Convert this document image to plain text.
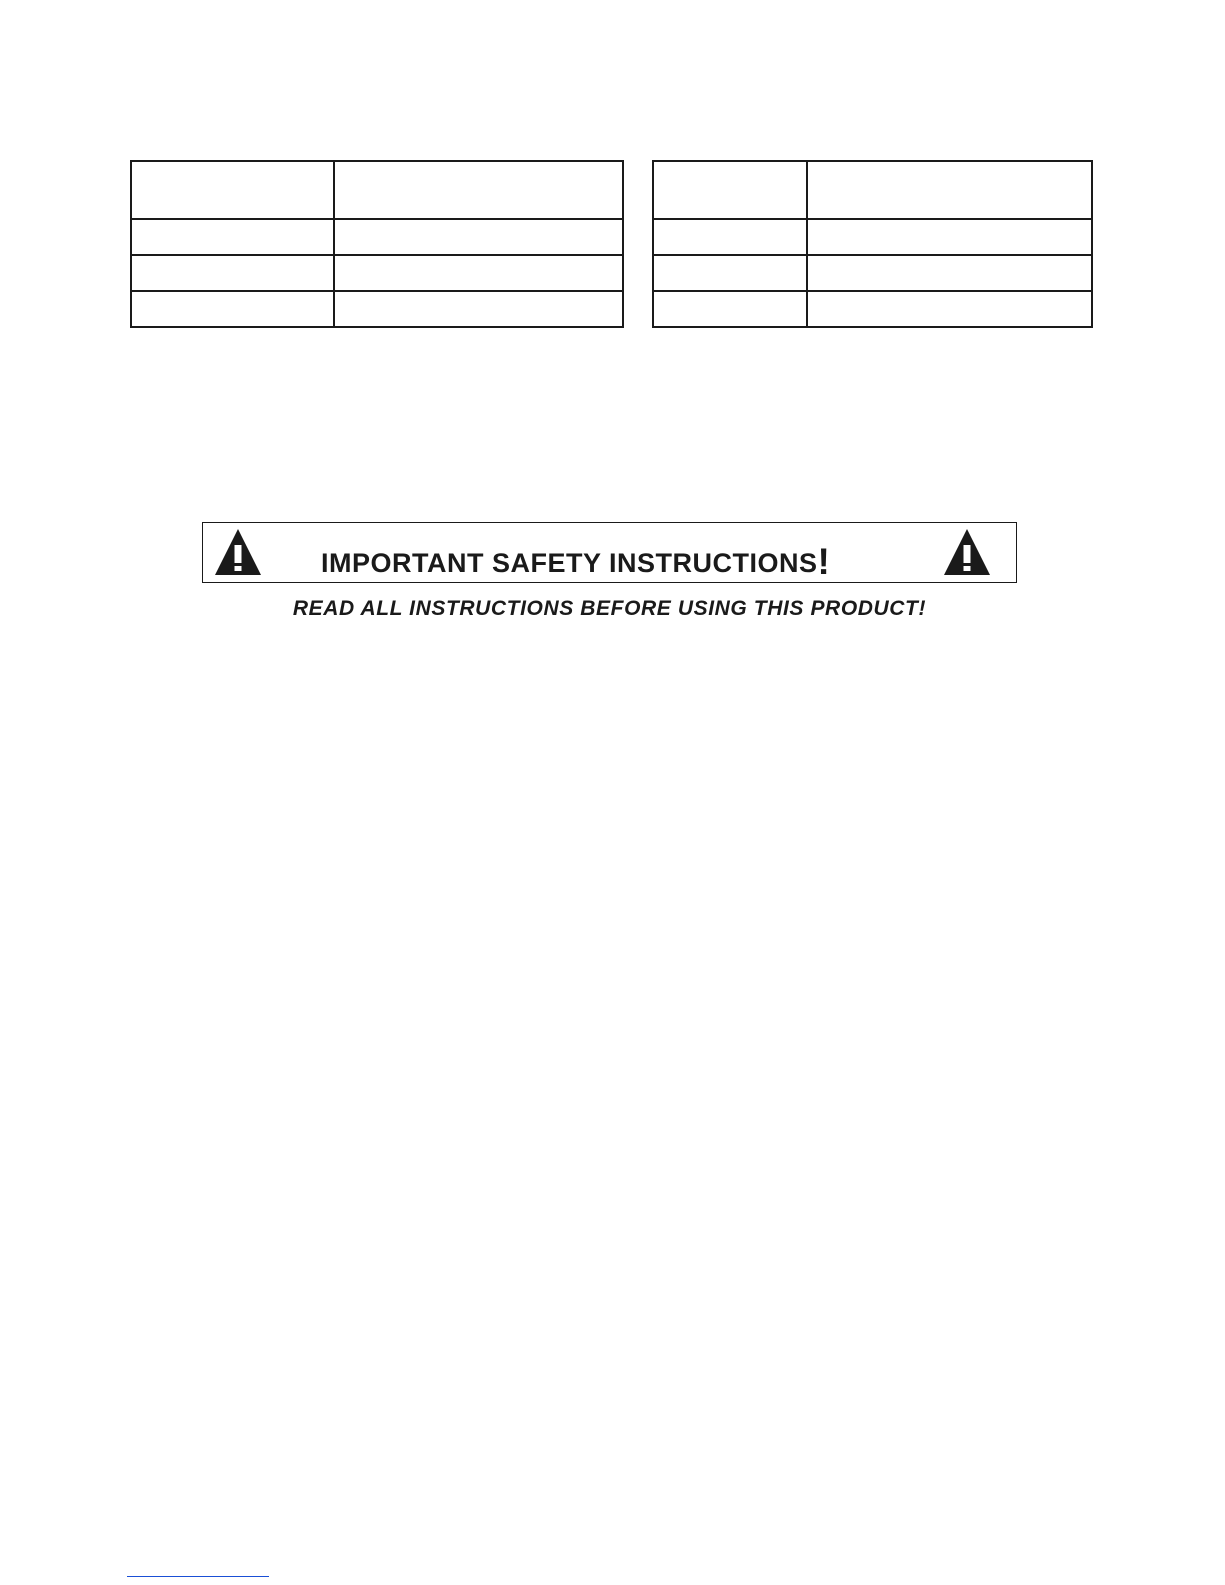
IMPORTANT SAFETY INSTRUCTIONS!
READ ALL INSTRUCTIONS BEFORE USING THIS PRODUCT!
